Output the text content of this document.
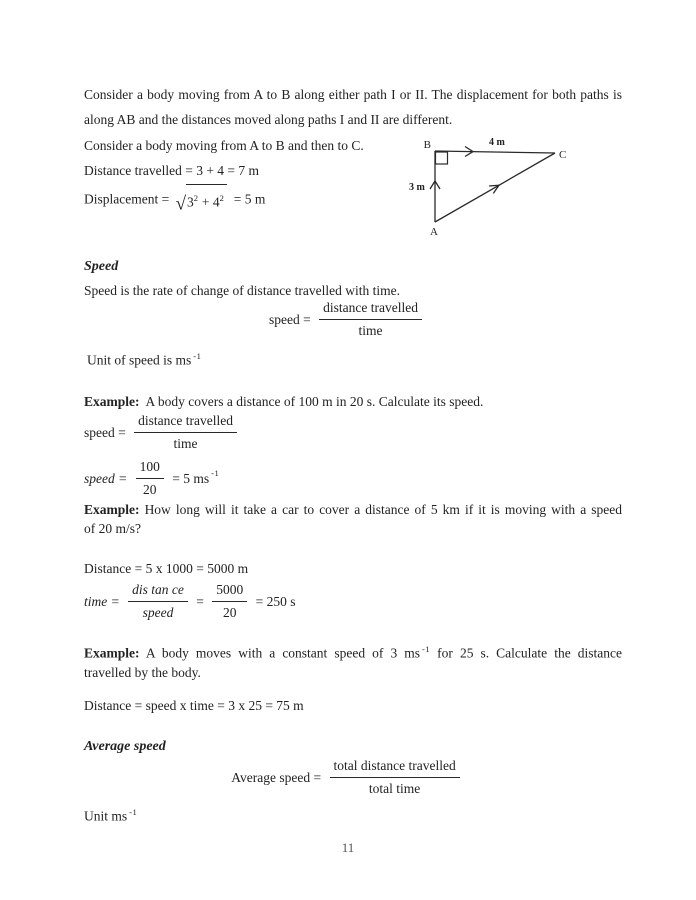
Consider a body moving from A to B along either path I or II. The displacement for both paths is
along AB and the distances moved along paths I and II are different.
Consider a body moving from A to B and then to C.
Distance travelled = 3 + 4 = 7 m
Displacement = $√3^2 + 4^2 = 5$ m
B
C
A
4 m
3 m
Speed
Speed is the rate of change of distance travelled with time.
speed = $\frac{\text{distance travelled}}{\text{time}}$
Unit of speed is ms $^{-1}$
Example: A body covers a distance of 100 m in 20 s. Calculate its speed.
speed = $\frac{\text{distance travelled}}{\text{time}}$
speed = $\frac{100}{20} = 5$ ms $^{-1}$
Example: How long will it take a car to cover a distance of 5 km if it is moving with a speed
of 20 m/s?
Distance = 5 x 1000 = 5000 m
time = $\frac{\text{dis tan ce}}{\text{speed}} = \frac{5000}{20} = 250$ s
Example: A body moves with a constant speed of 3 ms $^{-1}$ for 25 s. Calculate the distance
travelled by the body.
Distance = speed x time = 3 x 25 = 75 m
Average speed
Average speed = $\frac{\text{total distance travelled}}{\text{total time}}$
Unit ms $^{-1}$
11
